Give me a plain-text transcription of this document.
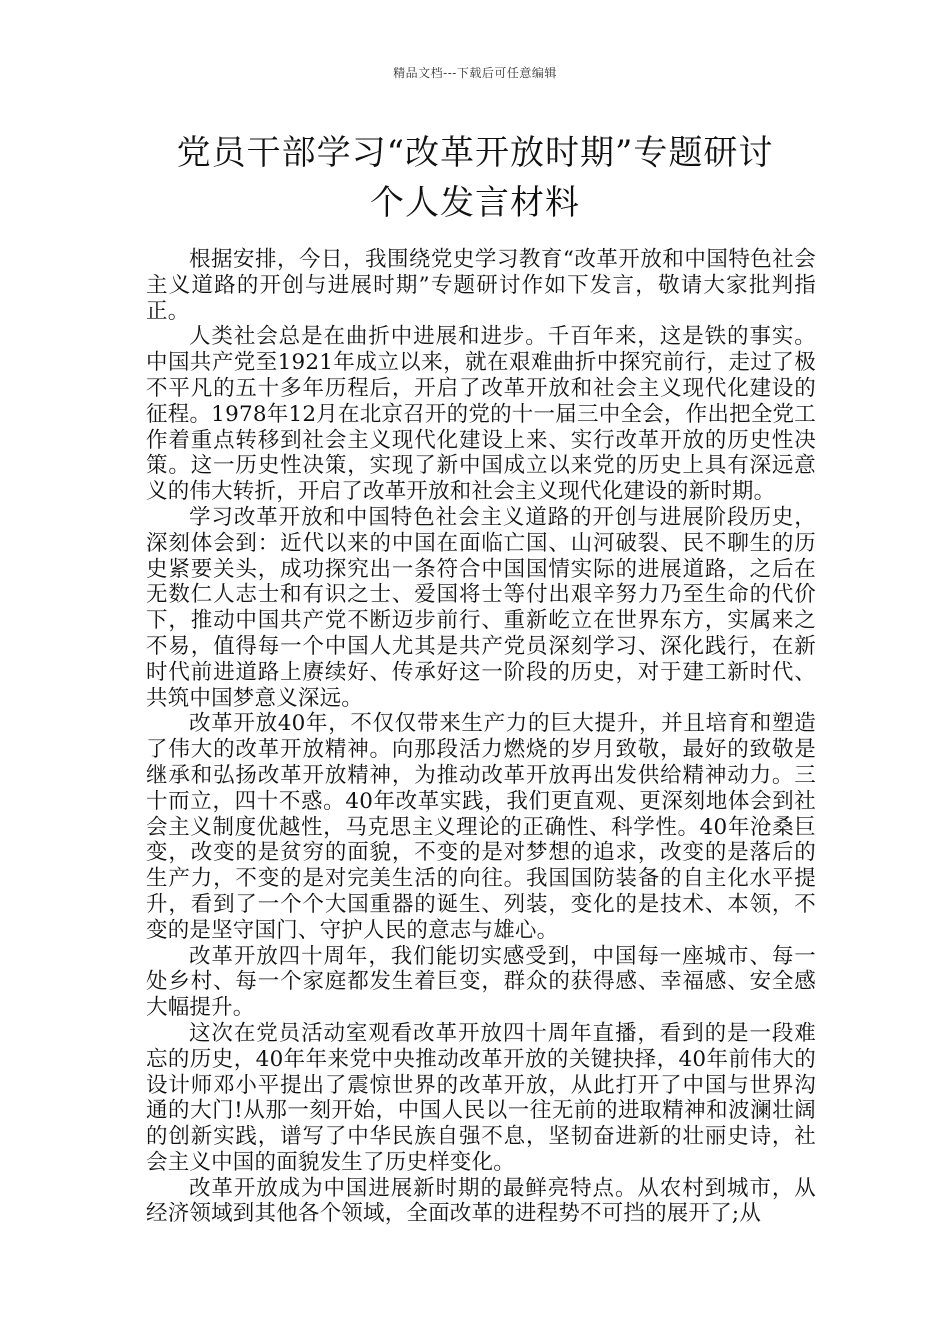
精品文档---下载后可任意编辑
党员干部学习“改革开放时期”专题研讨
个人发言材料

根据安排，今日，我围绕党史学习教育“改革开放和中国特色社会主义道路的开创与进展时期”专题研讨作如下发言，敬请大家批判指正。

人类社会总是在曲折中进展和进步。千百年来，这是铁的事实。中国共产党至1921年成立以来，就在艰难曲折中探究前行，走过了极不平凡的五十多年历程后，开启了改革开放和社会主义现代化建设的征程。1978年12月在北京召开的党的十一届三中全会，作出把全党工作着重点转移到社会主义现代化建设上来、实行改革开放的历史性决策。这一历史性决策，实现了新中国成立以来党的历史上具有深远意义的伟大转折，开启了改革开放和社会主义现代化建设的新时期。

学习改革开放和中国特色社会主义道路的开创与进展阶段历史，深刻体会到：近代以来的中国在面临亡国、山河破裂、民不聊生的历史紧要关头，成功探究出一条符合中国国情实际的进展道路，之后在无数仁人志士和有识之士、爱国将士等付出艰辛努力乃至生命的代价下，推动中国共产党不断迈步前行、重新屹立在世界东方，实属来之不易，值得每一个中国人尤其是共产党员深刻学习、深化践行，在新时代前进道路上赓续好、传承好这一阶段的历史，对于建工新时代、共筑中国梦意义深远。

改革开放40年，不仅仅带来生产力的巨大提升，并且培育和塑造了伟大的改革开放精神。向那段活力燃烧的岁月致敬，最好的致敬是继承和弘扬改革开放精神，为推动改革开放再出发供给精神动力。三十而立，四十不惑。40年改革实践，我们更直观、更深刻地体会到社会主义制度优越性，马克思主义理论的正确性、科学性。40年沧桑巨变，改变的是贫穷的面貌，不变的是对梦想的追求，改变的是落后的生产力，不变的是对完美生活的向往。我国国防装备的自主化水平提升，看到了一个个大国重器的诞生、列装，变化的是技术、本领，不变的是坚守国门、守护人民的意志与雄心。

改革开放四十周年，我们能切实感受到，中国每一座城市、每一处乡村、每一个家庭都发生着巨变，群众的获得感、幸福感、安全感大幅提升。

这次在党员活动室观看改革开放四十周年直播，看到的是一段难忘的历史，40年年来党中央推动改革开放的关键抉择，40年前伟大的设计师邓小平提出了震惊世界的改革开放，从此打开了中国与世界沟通的大门!从那一刻开始，中国人民以一往无前的进取精神和波澜壮阔的创新实践，谱写了中华民族自强不息，坚韧奋进新的壮丽史诗，社会主义中国的面貌发生了历史样变化。

改革开放成为中国进展新时期的最鲜亮特点。从农村到城市，从经济领域到其他各个领域，全面改革的进程势不可挡的展开了;从
